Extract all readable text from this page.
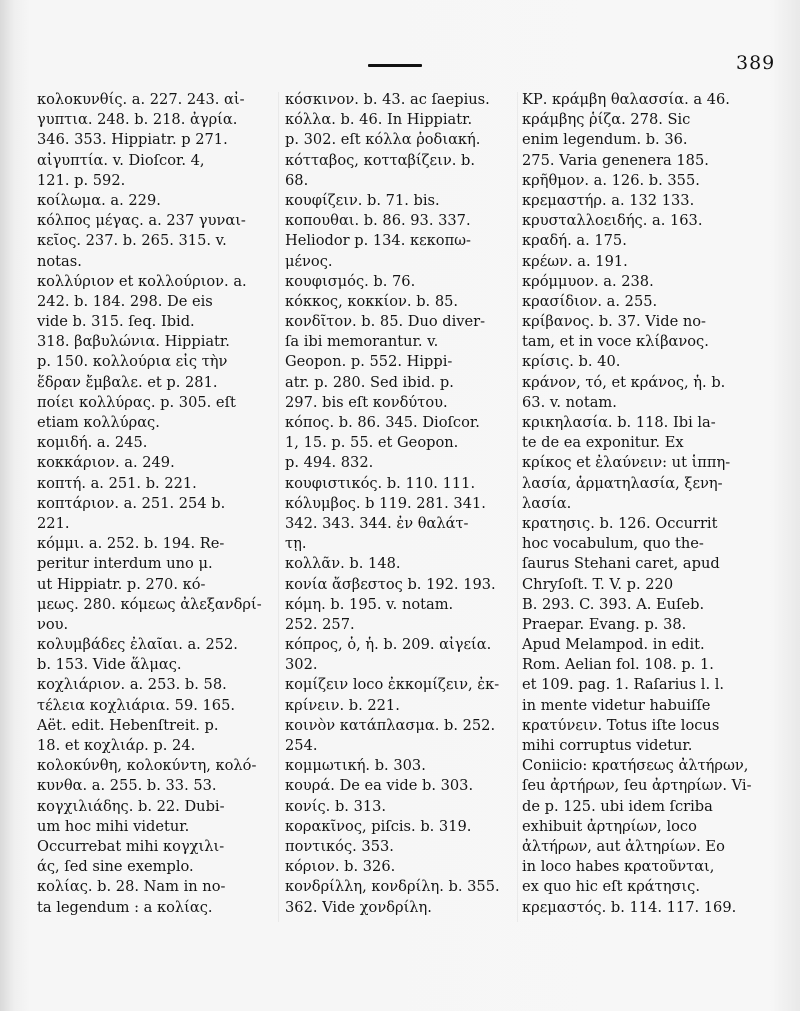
389
κολοκυνθίς. a. 227. 243. αἰ-
γυπτια. 248. b. 218. ἀγρία.
346. 353. Hippiatr. p 271.
αἰγυπτία. v. Dioſcor. 4,
121. p. 592.
κοίλωμα. a. 229.
κόλπος μέγας. a. 237 γυναι-
κεῖος. 237. b. 265. 315. v.
notas.
κολλύριον et κολλούριον. a.
242. b. 184. 298. De eis
vide b. 315. ſeq. Ibid.
318. βαβυλώνια. Hippiatr.
p. 150. κολλούρια εἰς τὴν
ἕδραν ἔμβαλε. et p. 281.
ποίει κολλύρας. p. 305. eſt
etiam κολλύρας.
κομιδή. a. 245.
κοκκάριον. a. 249.
κοπτή. a. 251. b. 221.
κοπτάριον. a. 251. 254 b.
221.
κόμμι. a. 252. b. 194. Re-
peritur interdum uno μ.
ut Hippiatr. p. 270. κό-
μεως. 280. κόμεως ἀλεξανδρί-
νου.
κολυμβάδες ἐλαῖαι. a. 252.
b. 153. Vide ἅλμας.
κοχλιάριον. a. 253. b. 58.
τέλεια κοχλιάρια. 59. 165.
Aët. edit. Hebenſtreit. p.
18. et κοχλιάρ. p. 24.
κολοκύνθη, κολοκύντη, κολό-
κυνθα. a. 255. b. 33. 53.
κογχιλιάδης. b. 22. Dubi-
um hoc mihi videtur.
Occurrebat mihi κογχιλι-
άς, ſed sine exemplo.
κολίας. b. 28. Nam in no-
ta legendum : a κολίας.
κόσκινον. b. 43. ac ſaepius.
κόλλα. b. 46. In Hippiatr.
p. 302. eſt κόλλα ῥοδιακή.
κότταβος, κοτταβίζειν. b.
68.
κουφίζειν. b. 71. bis.
κοπουθαι. b. 86. 93. 337.
Heliodor p. 134. κεκοπω-
μένος.
κουφισμός. b. 76.
κόκκος, κοκκίον. b. 85.
κονδῖτον. b. 85. Duo diver-
ſa ibi memorantur. v.
Geopon. p. 552. Hippi-
atr. p. 280. Sed ibid. p.
297. bis eſt κονδύτου.
κόπος. b. 86. 345. Dioſcor.
1, 15. p. 55. et Geopon.
p. 494. 832.
κουφιστικός. b. 110. 111.
κόλυμβος. b 119. 281. 341.
342. 343. 344. ἐν θαλάτ-
τῃ.
κολλᾶν. b. 148.
κονία ἄσβεστος b. 192. 193.
κόμη. b. 195. v. notam.
252. 257.
κόπρος, ὁ, ἡ. b. 209. αἰγεία.
302.
κομίζειν loco ἐκκομίζειν, ἐκ-
κρίνειν. b. 221.
κοινὸν κατάπλασμα. b. 252.
254.
κομμωτική. b. 303.
κουρά. De ea vide b. 303.
κονίς. b. 313.
κορακῖνος, piſcis. b. 319.
ποντικός. 353.
κόριον. b. 326.
κονδρίλλη, κονδρίλη. b. 355.
362. Vide χονδρίλη.
ΚΡ. κράμβη θαλασσία. a 46.
κράμβης ῥίζα. 278. Sic
enim legendum. b. 36.
275. Varia genenera 185.
κρῆθμον. a. 126. b. 355.
κρεμαστήρ. a. 132 133.
κρυσταλλοειδής. a. 163.
κραδή. a. 175.
κρέων. a. 191.
κρόμμυον. a. 238.
κρασίδιον. a. 255.
κρίβανος. b. 37. Vide no-
tam, et in voce κλίβανος.
κρίσις. b. 40.
κράνον, τό, et κράνος, ἡ. b.
63. v. notam.
κρικηλασία. b. 118. Ibi la-
te de ea exponitur. Ex
κρίκος et ἐλαύνειν: ut ἱππη-
λασία, ἁρματηλασία, ξενη-
λασία.
κρατησις. b. 126. Occurrit
hoc vocabulum, quo the-
ſaurus Stehani caret, apud
Chryſoſt. T. V. p. 220
B. 293. C. 393. A. Euſeb.
Praepar. Evang. p. 38.
Apud Melampod. in edit.
Rom. Aelian fol. 108. p. 1.
et 109. pag. 1. Raſarius l. l.
in mente videtur habuiſſe
κρατύνειν. Totus iſte locus
mihi corruptus videtur.
Coniicio: κρατήσεως ἀλτήρων,
ſeu ἀρτήρων, ſeu ἀρτηρίων. Vi-
de p. 125. ubi idem ſcriba
exhibuit ἀρτηρίων, loco
ἀλτήρων, aut ἀλτηρίων. Eo
in loco habes κρατοῦνται,
ex quo hic eſt κράτησις.
κρεμαστός. b. 114. 117. 169.
